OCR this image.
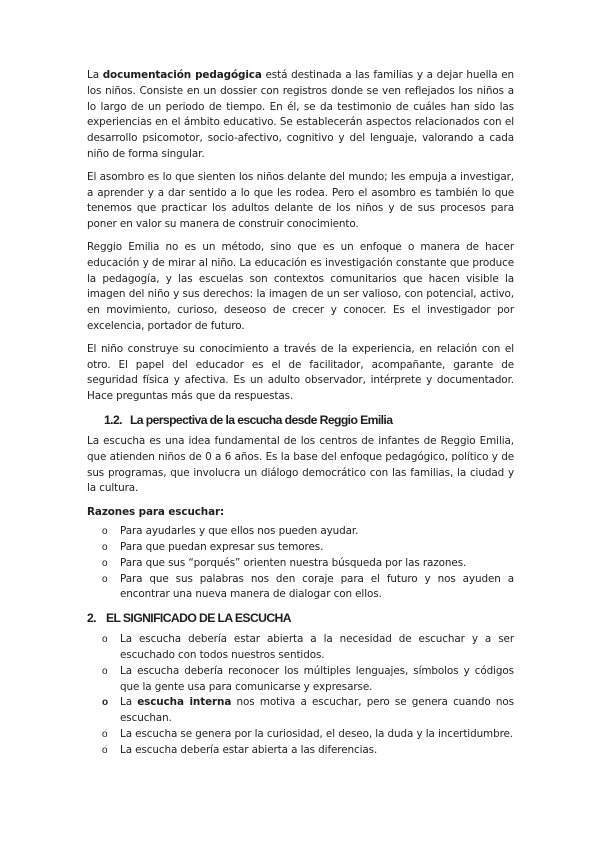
La documentación pedagógica está destinada a las familias y a dejar huella en los niños. Consiste en un dossier con registros donde se ven reflejados los niños a lo largo de un periodo de tiempo. En él, se da testimonio de cuáles han sido las experiencias en el ámbito educativo. Se establecerán aspectos relacionados con el desarrollo psicomotor, socio-afectivo, cognitivo y del lenguaje, valorando a cada niño de forma singular.

El asombro es lo que sienten los niños delante del mundo; les empuja a investigar, a aprender y a dar sentido a lo que les rodea. Pero el asombro es también lo que tenemos que practicar los adultos delante de los niños y de sus procesos para poner en valor su manera de construir conocimiento.

Reggio Emilia no es un método, sino que es un enfoque o manera de hacer educación y de mirar al niño. La educación es investigación constante que produce la pedagogía, y las escuelas son contextos comunitarios que hacen visible la imagen del niño y sus derechos: la imagen de un ser valioso, con potencial, activo, en movimiento, curioso, deseoso de crecer y conocer. Es el investigador por excelencia, portador de futuro.

El niño construye su conocimiento a través de la experiencia, en relación con el otro. El papel del educador es el de facilitador, acompañante, garante de seguridad física y afectiva. Es un adulto observador, intérprete y documentador. Hace preguntas más que da respuestas.

1.2. La perspectiva de la escucha desde Reggio Emilia

La escucha es una idea fundamental de los centros de infantes de Reggio Emilia, que atienden niños de 0 a 6 años. Es la base del enfoque pedagógico, político y de sus programas, que involucra un diálogo democrático con las familias, la ciudad y la cultura.

Razones para escuchar:
o Para ayudarles y que ellos nos pueden ayudar.
o Para que puedan expresar sus temores.
o Para que sus “porqués” orienten nuestra búsqueda por las razones.
o Para que sus palabras nos den coraje para el futuro y nos ayuden a encontrar una nueva manera de dialogar con ellos.
2. EL SIGNIFICADO DE LA ESCUCHA
o La escucha debería estar abierta a la necesidad de escuchar y a ser escuchado con todos nuestros sentidos.
o La escucha debería reconocer los múltiples lenguajes, símbolos y códigos que la gente usa para comunicarse y expresarse.
o La escucha interna nos motiva a escuchar, pero se genera cuando nos escuchan.
o La escucha se genera por la curiosidad, el deseo, la duda y la incertidumbre.
o La escucha debería estar abierta a las diferencias.
